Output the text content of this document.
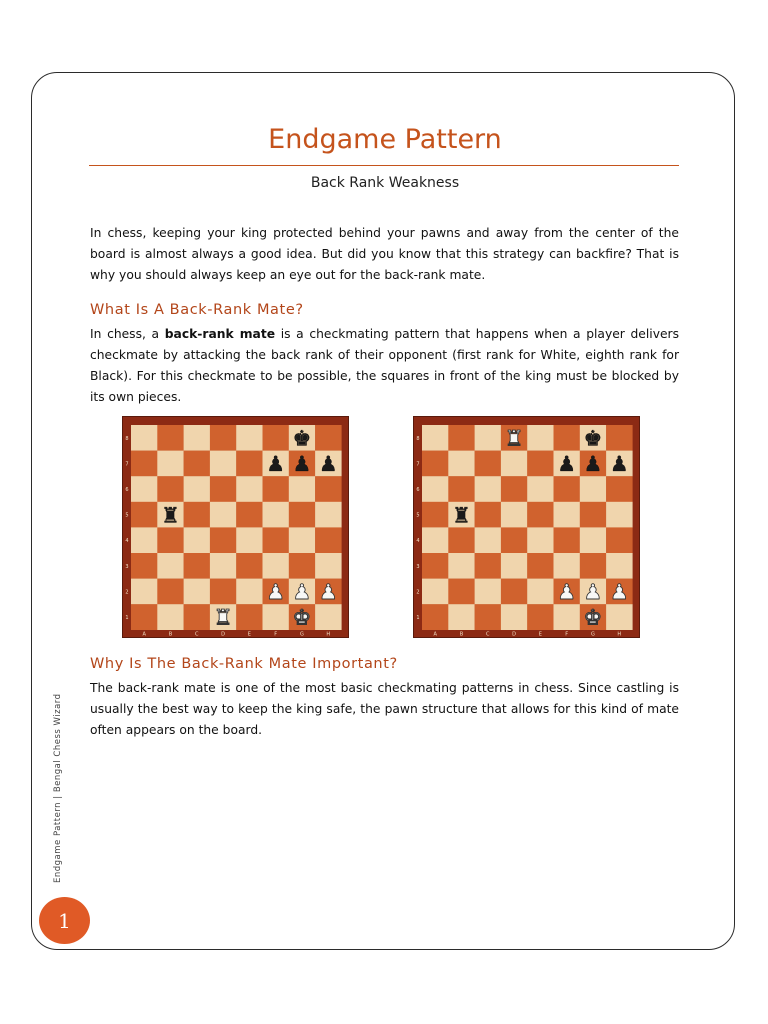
Endgame Pattern
Back Rank Weakness

In chess, keeping your king protected behind your pawns and away from the center of the board is almost always a good idea. But did you know that this strategy can backfire? That is why you should always keep an eye out for the back-rank mate.

What Is A Back-Rank Mate?

In chess, a back-rank mate is a checkmating pattern that happens when a player delivers checkmate by attacking the back rank of their opponent (first rank for White, eighth rank for Black). For this checkmate to be possible, the squares in front of the king must be blocked by its own pieces.

8
7
6
5
4
3
2
1
A	B	C	D	E	F	G	H
♚
♟ ♟ ♟
♜
♟ ♟ ♟
♜	♚
8
7
6
5
4
3
2
1
A	B	C	D	E	F	G	H
♜	♚
♟ ♟ ♟
♜
♟ ♟ ♟
♚
Why Is The Back-Rank Mate Important?

The back-rank mate is one of the most basic checkmating patterns in chess. Since castling is usually the best way to keep the king safe, the pawn structure that allows for this kind of mate often appears on the board.

Endgame Pattern | Bengal Chess Wizard
1
